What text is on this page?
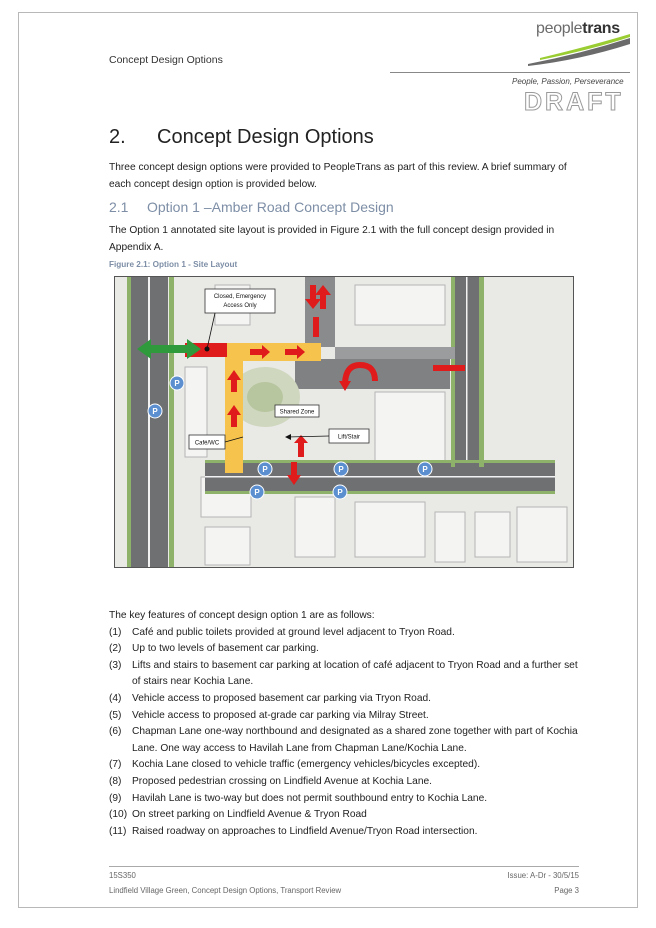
Concept Design Options
peopletrans
People, Passion, Perseverance
DRAFT
2. Concept Design Options
Three concept design options were provided to PeopleTrans as part of this review. A brief summary of each concept design option is provided below.
2.1 Option 1 –Amber Road Concept Design
The Option 1 annotated site layout is provided in Figure 2.1 with the full concept design provided in Appendix A.
Figure 2.1: Option 1 - Site Layout
Closed, Emergency
Access Only
Shared Zone
Café/WC
Lift/Stair
P
P
P
P
P
P
P
The key features of concept design option 1 are as follows:
(1)	Café and public toilets provided at ground level adjacent to Tryon Road.
(2)	Up to two levels of basement car parking.
(3)	Lifts and stairs to basement car parking at location of café adjacent to Tryon Road and a further set of stairs near Kochia Lane.
(4)	Vehicle access to proposed basement car parking via Tryon Road.
(5)	Vehicle access to proposed at-grade car parking via Milray Street.
(6)	Chapman Lane one-way northbound and designated as a shared zone together with part of Kochia Lane. One way access to Havilah Lane from Chapman Lane/Kochia Lane.
(7)	Kochia Lane closed to vehicle traffic (emergency vehicles/bicycles excepted).
(8)	Proposed pedestrian crossing on Lindfield Avenue at Kochia Lane.
(9)	Havilah Lane is two-way but does not permit southbound entry to Kochia Lane.
(10) On street parking on Lindfield Avenue & Tryon Road
(11) Raised roadway on approaches to Lindfield Avenue/Tryon Road intersection.
15S350	Issue: A-Dr - 30/5/15
Lindfield Village Green, Concept Design Options, Transport Review	Page 3
